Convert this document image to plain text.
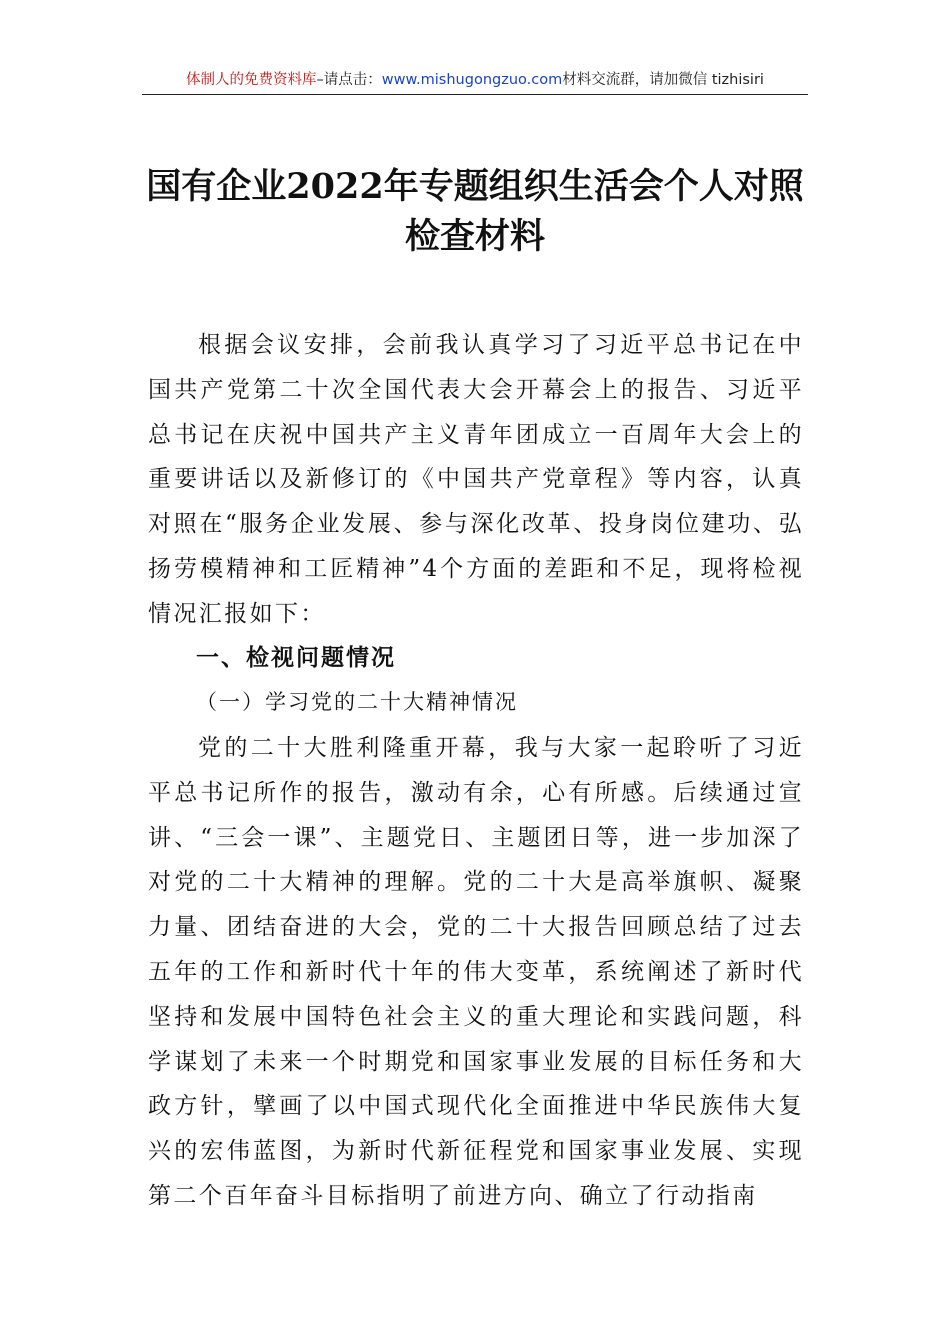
体制人的免费资料库–请点击：www.mishugongzuo.com材料交流群，请加微信 tizhisiri
国有企业2022年专题组织生活会个人对照
检查材料

根据会议安排，会前我认真学习了习近平总书记在中国共产党第二十次全国代表大会开幕会上的报告、习近平总书记在庆祝中国共产主义青年团成立一百周年大会上的重要讲话以及新修订的《中国共产党章程》等内容，认真对照在“服务企业发展、参与深化改革、投身岗位建功、弘扬劳模精神和工匠精神”4个方面的差距和不足，现将检视情况汇报如下：

一、检视问题情况
（一）学习党的二十大精神情况

党的二十大胜利隆重开幕，我与大家一起聆听了习近平总书记所作的报告，激动有余，心有所感。后续通过宣讲、“三会一课”、主题党日、主题团日等，进一步加深了对党的二十大精神的理解。党的二十大是高举旗帜、凝聚力量、团结奋进的大会，党的二十大报告回顾总结了过去五年的工作和新时代十年的伟大变革，系统阐述了新时代坚持和发展中国特色社会主义的重大理论和实践问题，科学谋划了未来一个时期党和国家事业发展的目标任务和大政方针，擘画了以中国式现代化全面推进中华民族伟大复兴的宏伟蓝图，为新时代新征程党和国家事业发展、实现第二个百年奋斗目标指明了前进方向、确立了行动指南
